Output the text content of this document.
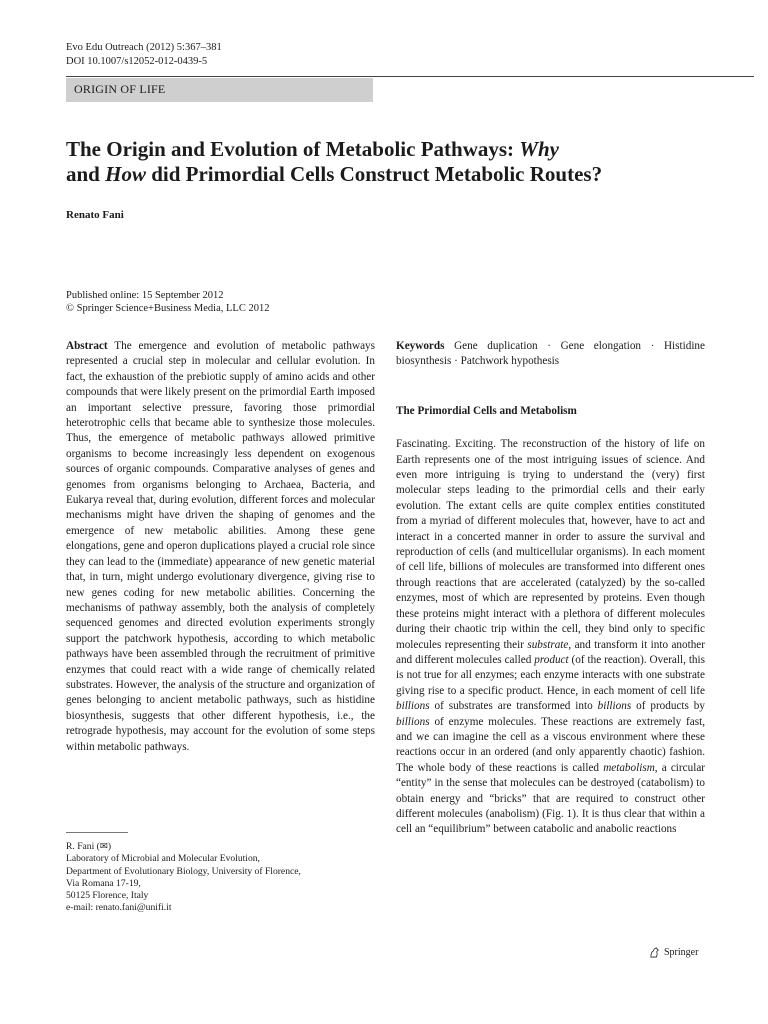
Evo Edu Outreach (2012) 5:367–381
DOI 10.1007/s12052-012-0439-5
ORIGIN OF LIFE
The Origin and Evolution of Metabolic Pathways: Why
and How did Primordial Cells Construct Metabolic Routes?
Renato Fani
Published online: 15 September 2012
© Springer Science+Business Media, LLC 2012

Abstract The emergence and evolution of metabolic pathways represented a crucial step in molecular and cellular evolution. In fact, the exhaustion of the prebiotic supply of amino acids and other compounds that were likely present on the primordial Earth imposed an important selective pressure, favoring those primordial heterotrophic cells that became able to synthesize those molecules. Thus, the emergence of metabolic pathways allowed primitive organisms to become increasingly less dependent on exogenous sources of organic compounds. Comparative analyses of genes and genomes from organisms belonging to Archaea, Bacteria, and Eukarya reveal that, during evolution, different forces and molecular mechanisms might have driven the shaping of genomes and the emergence of new metabolic abilities. Among these gene elongations, gene and operon duplications played a crucial role since they can lead to the (immediate) appearance of new genetic material that, in turn, might undergo evolutionary divergence, giving rise to new genes coding for new metabolic abilities. Concerning the mechanisms of pathway assembly, both the analysis of completely sequenced genomes and directed evolution experiments strongly support the patchwork hypothesis, according to which metabolic pathways have been assembled through the recruitment of primitive enzymes that could react with a wide range of chemically related substrates. However, the analysis of the structure and organization of genes belonging to ancient metabolic pathways, such as histidine biosynthesis, suggests that other different hypothesis, i.e., the retrograde hypothesis, may account for the evolution of some steps within metabolic pathways.

Keywords Gene duplication · Gene elongation · Histidine biosynthesis · Patchwork hypothesis

The Primordial Cells and Metabolism

Fascinating. Exciting. The reconstruction of the history of life on Earth represents one of the most intriguing issues of science. And even more intriguing is trying to understand the (very) first molecular steps leading to the primordial cells and their early evolution. The extant cells are quite complex entities constituted from a myriad of different molecules that, however, have to act and interact in a concerted manner in order to assure the survival and reproduction of cells (and multicellular organisms). In each moment of cell life, billions of molecules are transformed into different ones through reactions that are accelerated (catalyzed) by the so-called enzymes, most of which are represented by proteins. Even though these proteins might interact with a plethora of different molecules during their chaotic trip within the cell, they bind only to specific molecules representing their substrate, and transform it into another and different molecules called product (of the reaction). Overall, this is not true for all enzymes; each enzyme interacts with one substrate giving rise to a specific product. Hence, in each moment of cell life billions of substrates are transformed into billions of products by billions of enzyme molecules. These reactions are extremely fast, and we can imagine the cell as a viscous environment where these reactions occur in an ordered (and only apparently chaotic) fashion. The whole body of these reactions is called metabolism, a circular “entity” in the sense that molecules can be destroyed (catabolism) to obtain energy and “bricks” that are required to construct other different molecules (anabolism) (Fig. 1). It is thus clear that within a cell an “equilibrium” between catabolic and anabolic reactions

R. Fani (✉)
Laboratory of Microbial and Molecular Evolution,
Department of Evolutionary Biology, University of Florence,
Via Romana 17-19,
50125 Florence, Italy
e-mail: renato.fani@unifi.it
Springer
